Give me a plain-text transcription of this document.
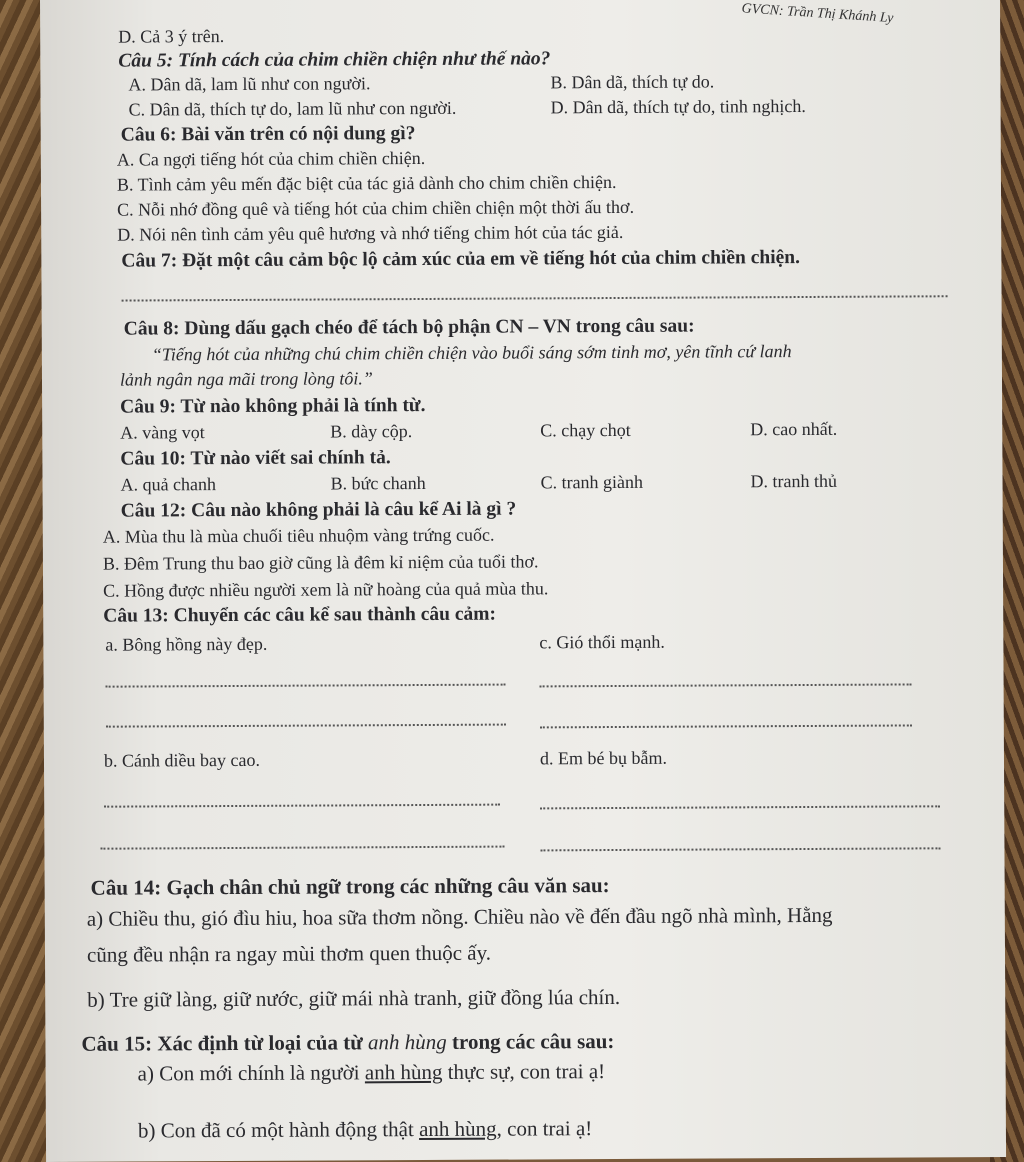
GVCN: Trần Thị Khánh Ly
D. Cả 3 ý trên.
Câu 5: Tính cách của chim chiền chiện như thế nào?
A. Dân dã, lam lũ như con người.	B. Dân dã, thích tự do.
C. Dân dã, thích tự do, lam lũ như con người.	D. Dân dã, thích tự do, tinh nghịch.
Câu 6: Bài văn trên có nội dung gì?
A. Ca ngợi tiếng hót của chim chiền chiện.
B. Tình cảm yêu mến đặc biệt của tác giả dành cho chim chiền chiện.
C. Nỗi nhớ đồng quê và tiếng hót của chim chiền chiện một thời ấu thơ.
D. Nói nên tình cảm yêu quê hương và nhớ tiếng chim hót của tác giả.
Câu 7: Đặt một câu cảm bộc lộ cảm xúc của em về tiếng hót của chim chiền chiện.
Câu 8: Dùng dấu gạch chéo để tách bộ phận CN – VN trong câu sau:
“Tiếng hót của những chú chim chiền chiện vào buổi sáng sớm tinh mơ, yên tĩnh cứ lanh
lảnh ngân nga mãi trong lòng tôi.”
Câu 9: Từ nào không phải là tính từ.
A. vàng vọt	B. dày cộp.	C. chạy chọt	D. cao nhất.
Câu 10: Từ nào viết sai chính tả.
A. quả chanh	B. bức chanh	C. tranh giành	D. tranh thủ
Câu 12: Câu nào không phải là câu kể Ai là gì ?
A. Mùa thu là mùa chuối tiêu nhuộm vàng trứng cuốc.
B. Đêm Trung thu bao giờ cũng là đêm kỉ niệm của tuổi thơ.
C. Hồng được nhiều người xem là nữ hoàng của quả mùa thu.
Câu 13: Chuyển các câu kể sau thành câu cảm:
a. Bông hồng này đẹp.	c. Gió thổi mạnh.
b. Cánh diều bay cao.	d. Em bé bụ bẫm.
Câu 14: Gạch chân chủ ngữ trong các những câu văn sau:
a) Chiều thu, gió đìu hiu, hoa sữa thơm nồng. Chiều nào về đến đầu ngõ nhà mình, Hằng
cũng đều nhận ra ngay mùi thơm quen thuộc ấy.
b) Tre giữ làng, giữ nước, giữ mái nhà tranh, giữ đồng lúa chín.
Câu 15: Xác định từ loại của từ anh hùng trong các câu sau:
a) Con mới chính là người anh hùng thực sự, con trai ạ!
b) Con đã có một hành động thật anh hùng, con trai ạ!
